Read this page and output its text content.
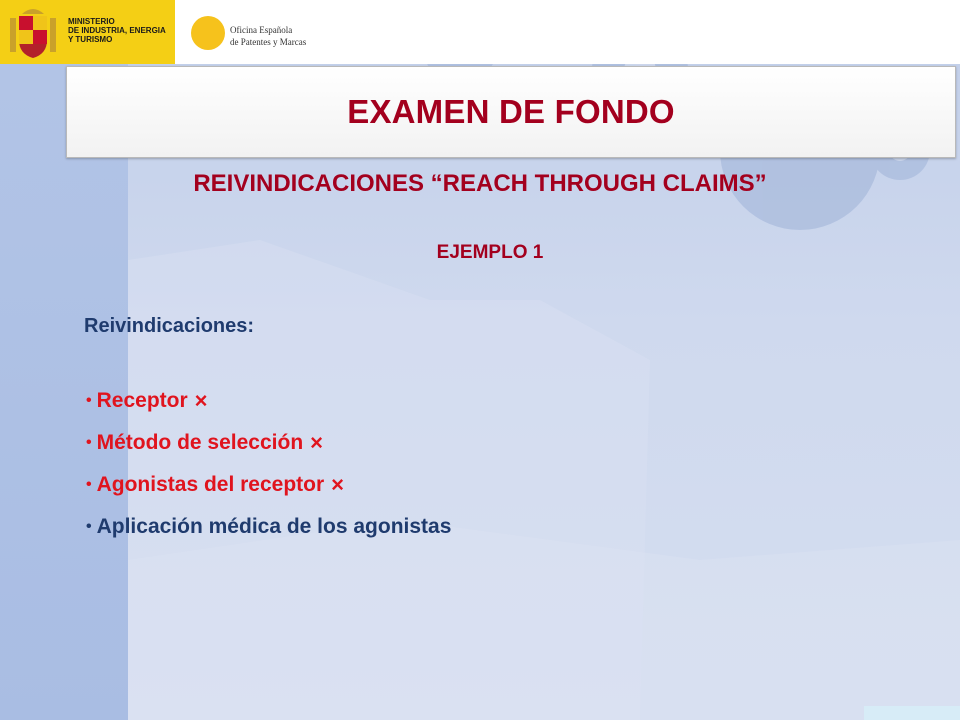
MINISTERIO
DE INDUSTRIA, ENERGIA
Y TURISMO
Oficina Española
de Patentes y Marcas
EXAMEN DE FONDO
REIVINDICACIONES “REACH THROUGH CLAIMS”
EJEMPLO 1
Reivindicaciones:
• Receptor ×
• Método de selección ×
• Agonistas del receptor ×
• Aplicación médica de los agonistas
